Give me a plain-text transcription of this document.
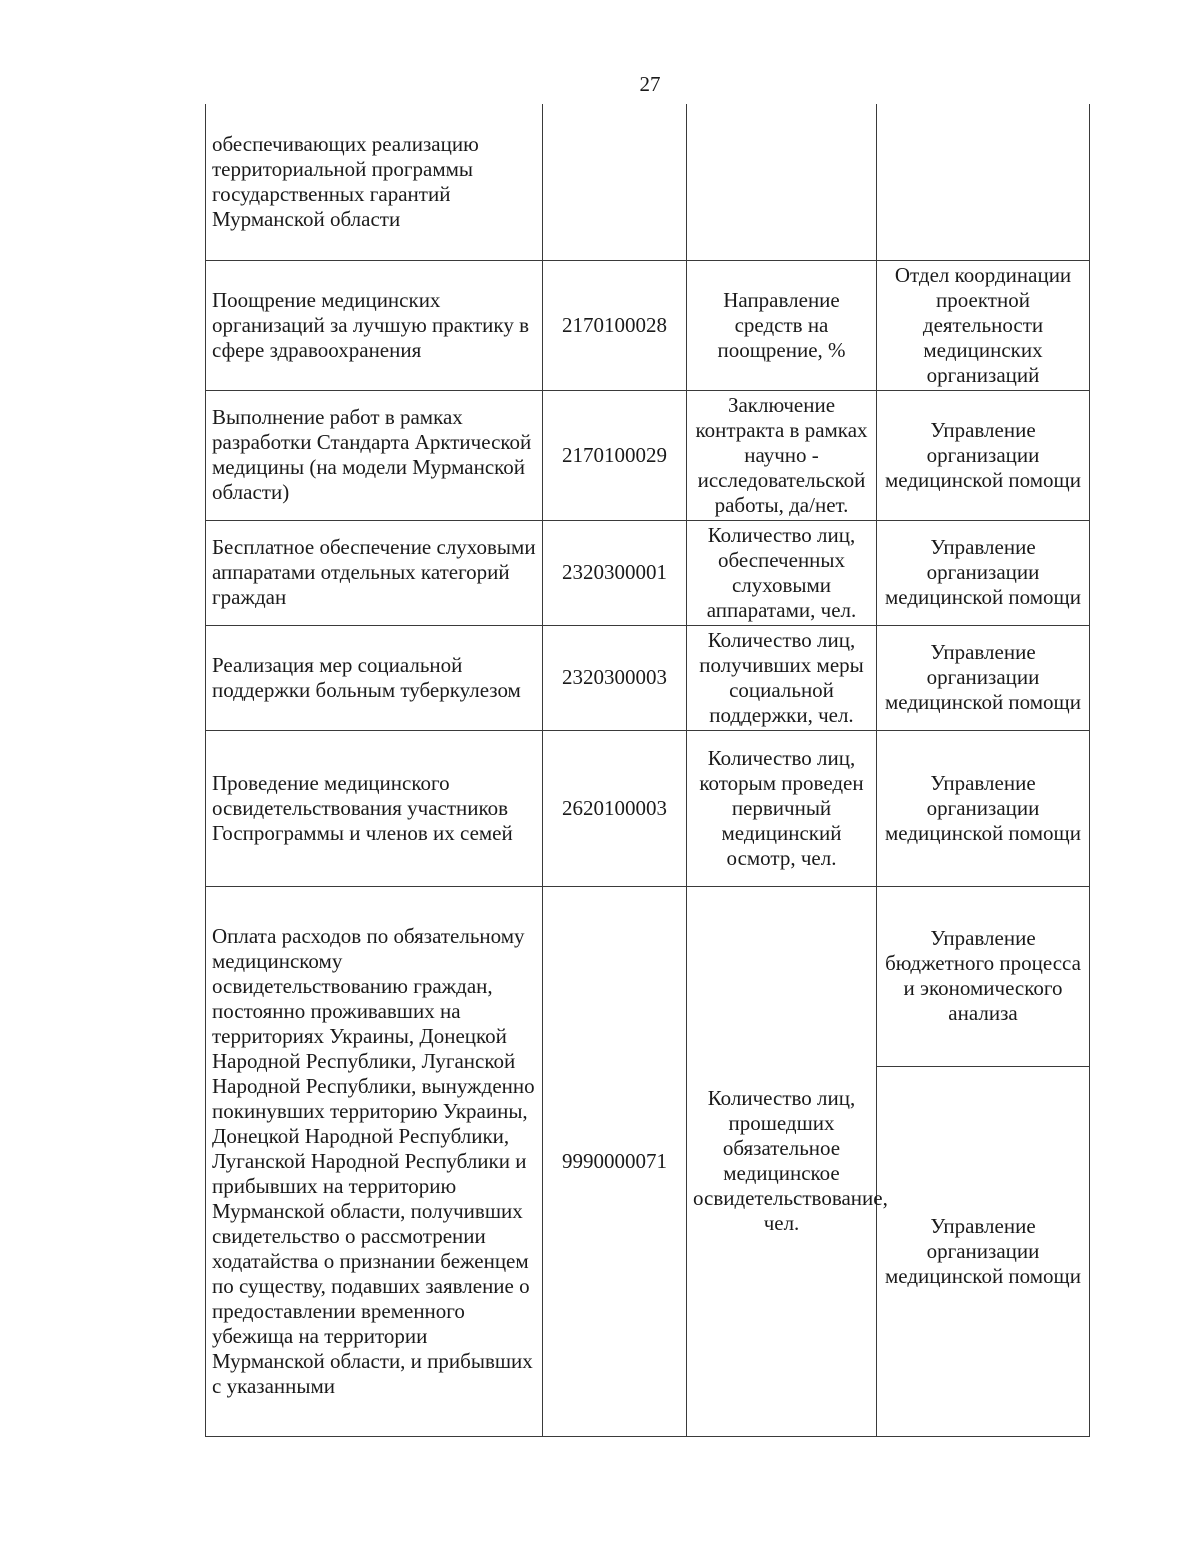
27
обеспечивающих реализацию территориальной программы государственных гарантий Мурманской области			
Поощрение медицинских организаций за лучшую практику в сфере здравоохранения	2170100028	Направление средств на поощрение, %	Отдел координации проектной деятельности медицинских организаций
Выполнение работ в рамках разработки Стандарта Арктической медицины (на модели Мурманской области)	2170100029	Заключение контракта в рамках научно - исследовательской работы, да/нет.	Управление организации медицинской помощи
Бесплатное обеспечение слуховыми аппаратами отдельных категорий граждан	2320300001	Количество лиц, обеспеченных слуховыми аппаратами, чел.	Управление организации медицинской помощи
Реализация мер социальной поддержки больным туберкулезом	2320300003	Количество лиц, получивших меры социальной поддержки, чел.	Управление организации медицинской помощи
Проведение медицинского освидетельствования участников Госпрограммы и членов их семей	2620100003	Количество лиц, которым проведен первичный медицинский осмотр, чел.	Управление организации медицинской помощи
Оплата расходов по обязательному медицинскому освидетельствованию граждан, постоянно проживавших на территориях Украины, Донецкой Народной Республики, Луганской Народной Республики, вынужденно покинувших территорию Украины, Донецкой Народной Республики, Луганской Народной Республики и прибывших на территорию Мурманской области, получивших свидетельство о рассмотрении ходатайства о признании беженцем по существу, подавших заявление о предоставлении временного убежища на территории Мурманской области, и прибывших с указанными	9990000071	Количество лиц, прошедших обязательное медицинское освидетельствование, чел.	Управление бюджетного процесса и экономического анализа
			Управление организации медицинской помощи
